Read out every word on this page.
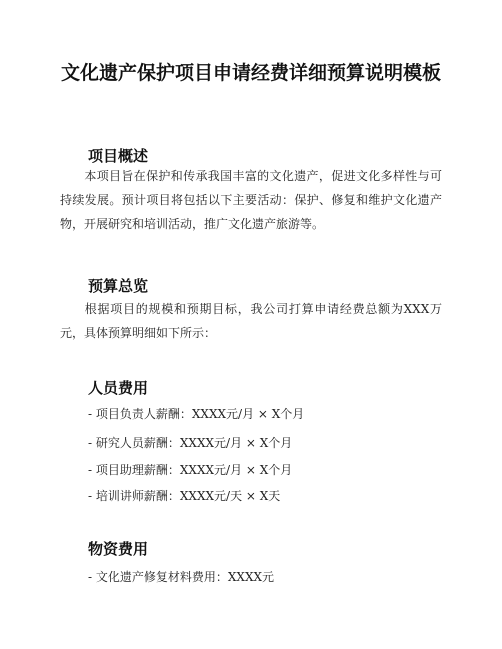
文化遗产保护项目申请经费详细预算说明模板
项目概述
本项目旨在保护和传承我国丰富的文化遗产，促进文化多样性与可持续发展。预计项目将包括以下主要活动：保护、修复和维护文化遗产物，开展研究和培训活动，推广文化遗产旅游等。
预算总览
根据项目的规模和预期目标，我公司打算申请经费总额为XXX万元，具体预算明细如下所示：
人员费用
- 项目负责人薪酬：XXXX元/月 × X个月
- 研究人员薪酬：XXXX元/月 × X个月
- 项目助理薪酬：XXXX元/月 × X个月
- 培训讲师薪酬：XXXX元/天 × X天
物资费用
- 文化遗产修复材料费用：XXXX元
